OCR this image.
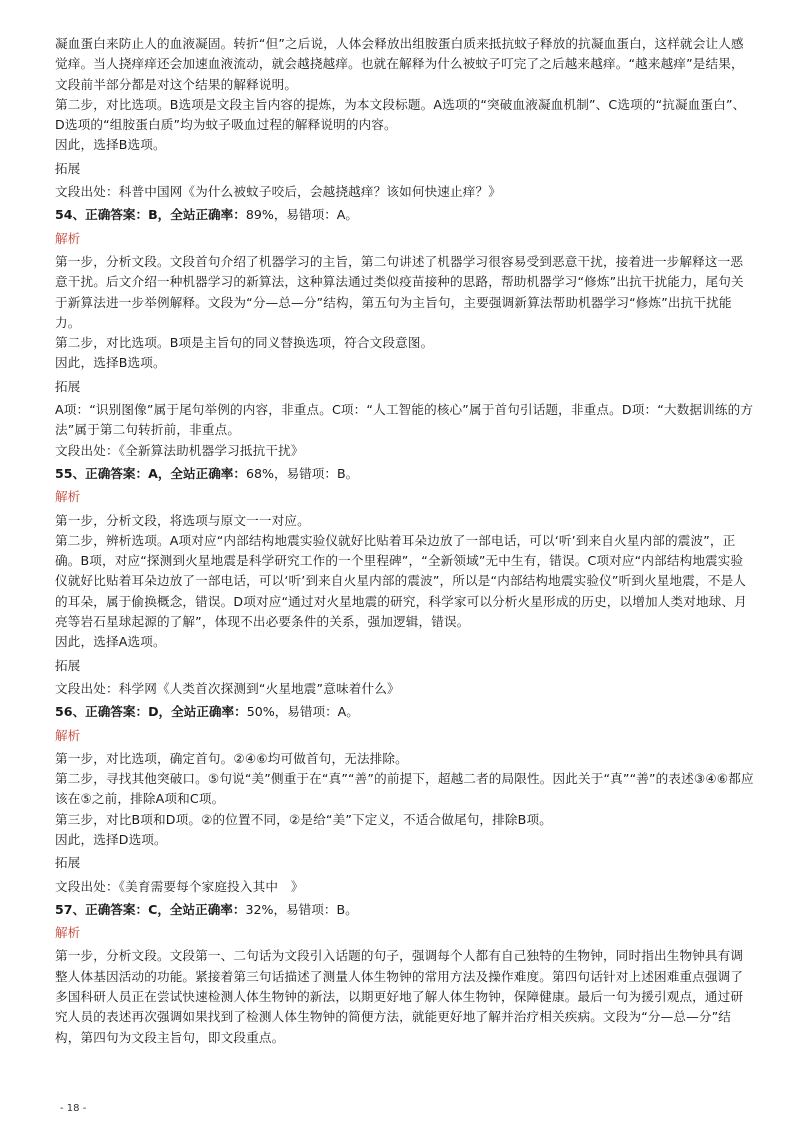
凝血蛋白来防止人的血液凝固。转折“但”之后说，人体会释放出组胺蛋白质来抵抗蚊子释放的抗凝血蛋白，这样就会让人感觉痒。当人挠痒痒还会加速血液流动，就会越挠越痒。也就在解释为什么被蚊子叮完了之后越来越痒。“越来越痒”是结果，文段前半部分都是对这个结果的解释说明。

第二步，对比选项。B选项是文段主旨内容的提炼，为本文段标题。A选项的“突破血液凝血机制”、C选项的“抗凝血蛋白”、D选项的“组胺蛋白质”均为蚊子吸血过程的解释说明的内容。

因此，选择B选项。

拓展

文段出处：科普中国网《为什么被蚊子咬后，会越挠越痒？该如何快速止痒？》

54、正确答案：B，全站正确率：89%，易错项：A。

解析

第一步，分析文段。文段首句介绍了机器学习的主旨，第二句讲述了机器学习很容易受到恶意干扰，接着进一步解释这一恶意干扰。后文介绍一种机器学习的新算法，这种算法通过类似疫苗接种的思路，帮助机器学习“修炼”出抗干扰能力，尾句关于新算法进一步举例解释。文段为“分—总—分”结构，第五句为主旨句，主要强调新算法帮助机器学习“修炼”出抗干扰能力。

第二步，对比选项。B项是主旨句的同义替换选项，符合文段意图。

因此，选择B选项。

拓展

A项：“识别图像”属于尾句举例的内容，非重点。C项：“人工智能的核心”属于首句引话题，非重点。D项：“大数据训练的方法”属于第二句转折前，非重点。

文段出处：《全新算法助机器学习抵抗干扰》

55、正确答案：A，全站正确率：68%，易错项：B。

解析

第一步，分析文段，将选项与原文一一对应。

第二步，辨析选项。A项对应“内部结构地震实验仪就好比贴着耳朵边放了一部电话，可以‘听’到来自火星内部的震波”，正确。B项，对应“探测到火星地震是科学研究工作的一个里程碑”，“全新领域”无中生有，错误。C项对应“内部结构地震实验仪就好比贴着耳朵边放了一部电话，可以‘听’到来自火星内部的震波”，所以是“内部结构地震实验仪”听到火星地震，不是人的耳朵，属于偷换概念，错误。D项对应“通过对火星地震的研究，科学家可以分析火星形成的历史，以增加人类对地球、月亮等岩石星球起源的了解”，体现不出必要条件的关系，强加逻辑，错误。

因此，选择A选项。

拓展

文段出处：科学网《人类首次探测到“火星地震”意味着什么》

56、正确答案：D，全站正确率：50%，易错项：A。

解析

第一步，对比选项，确定首句。②④⑥均可做首句，无法排除。

第二步，寻找其他突破口。⑤句说“美”侧重于在“真”“善”的前提下，超越二者的局限性。因此关于“真”“善”的表述③④⑥都应该在⑤之前，排除A项和C项。

第三步，对比B项和D项。②的位置不同，②是给“美”下定义，不适合做尾句，排除B项。

因此，选择D选项。

拓展

文段出处：《美育需要每个家庭投入其中　》

57、正确答案：C，全站正确率：32%，易错项：B。

解析

第一步，分析文段。文段第一、二句话为文段引入话题的句子，强调每个人都有自己独特的生物钟，同时指出生物钟具有调整人体基因活动的功能。紧接着第三句话描述了测量人体生物钟的常用方法及操作难度。第四句话针对上述困难重点强调了多国科研人员正在尝试快速检测人体生物钟的新法，以期更好地了解人体生物钟，保障健康。最后一句为援引观点，通过研究人员的表述再次强调如果找到了检测人体生物钟的简便方法，就能更好地了解并治疗相关疾病。文段为“分—总—分”结构，第四句为文段主旨句，即文段重点。

- 18 -
